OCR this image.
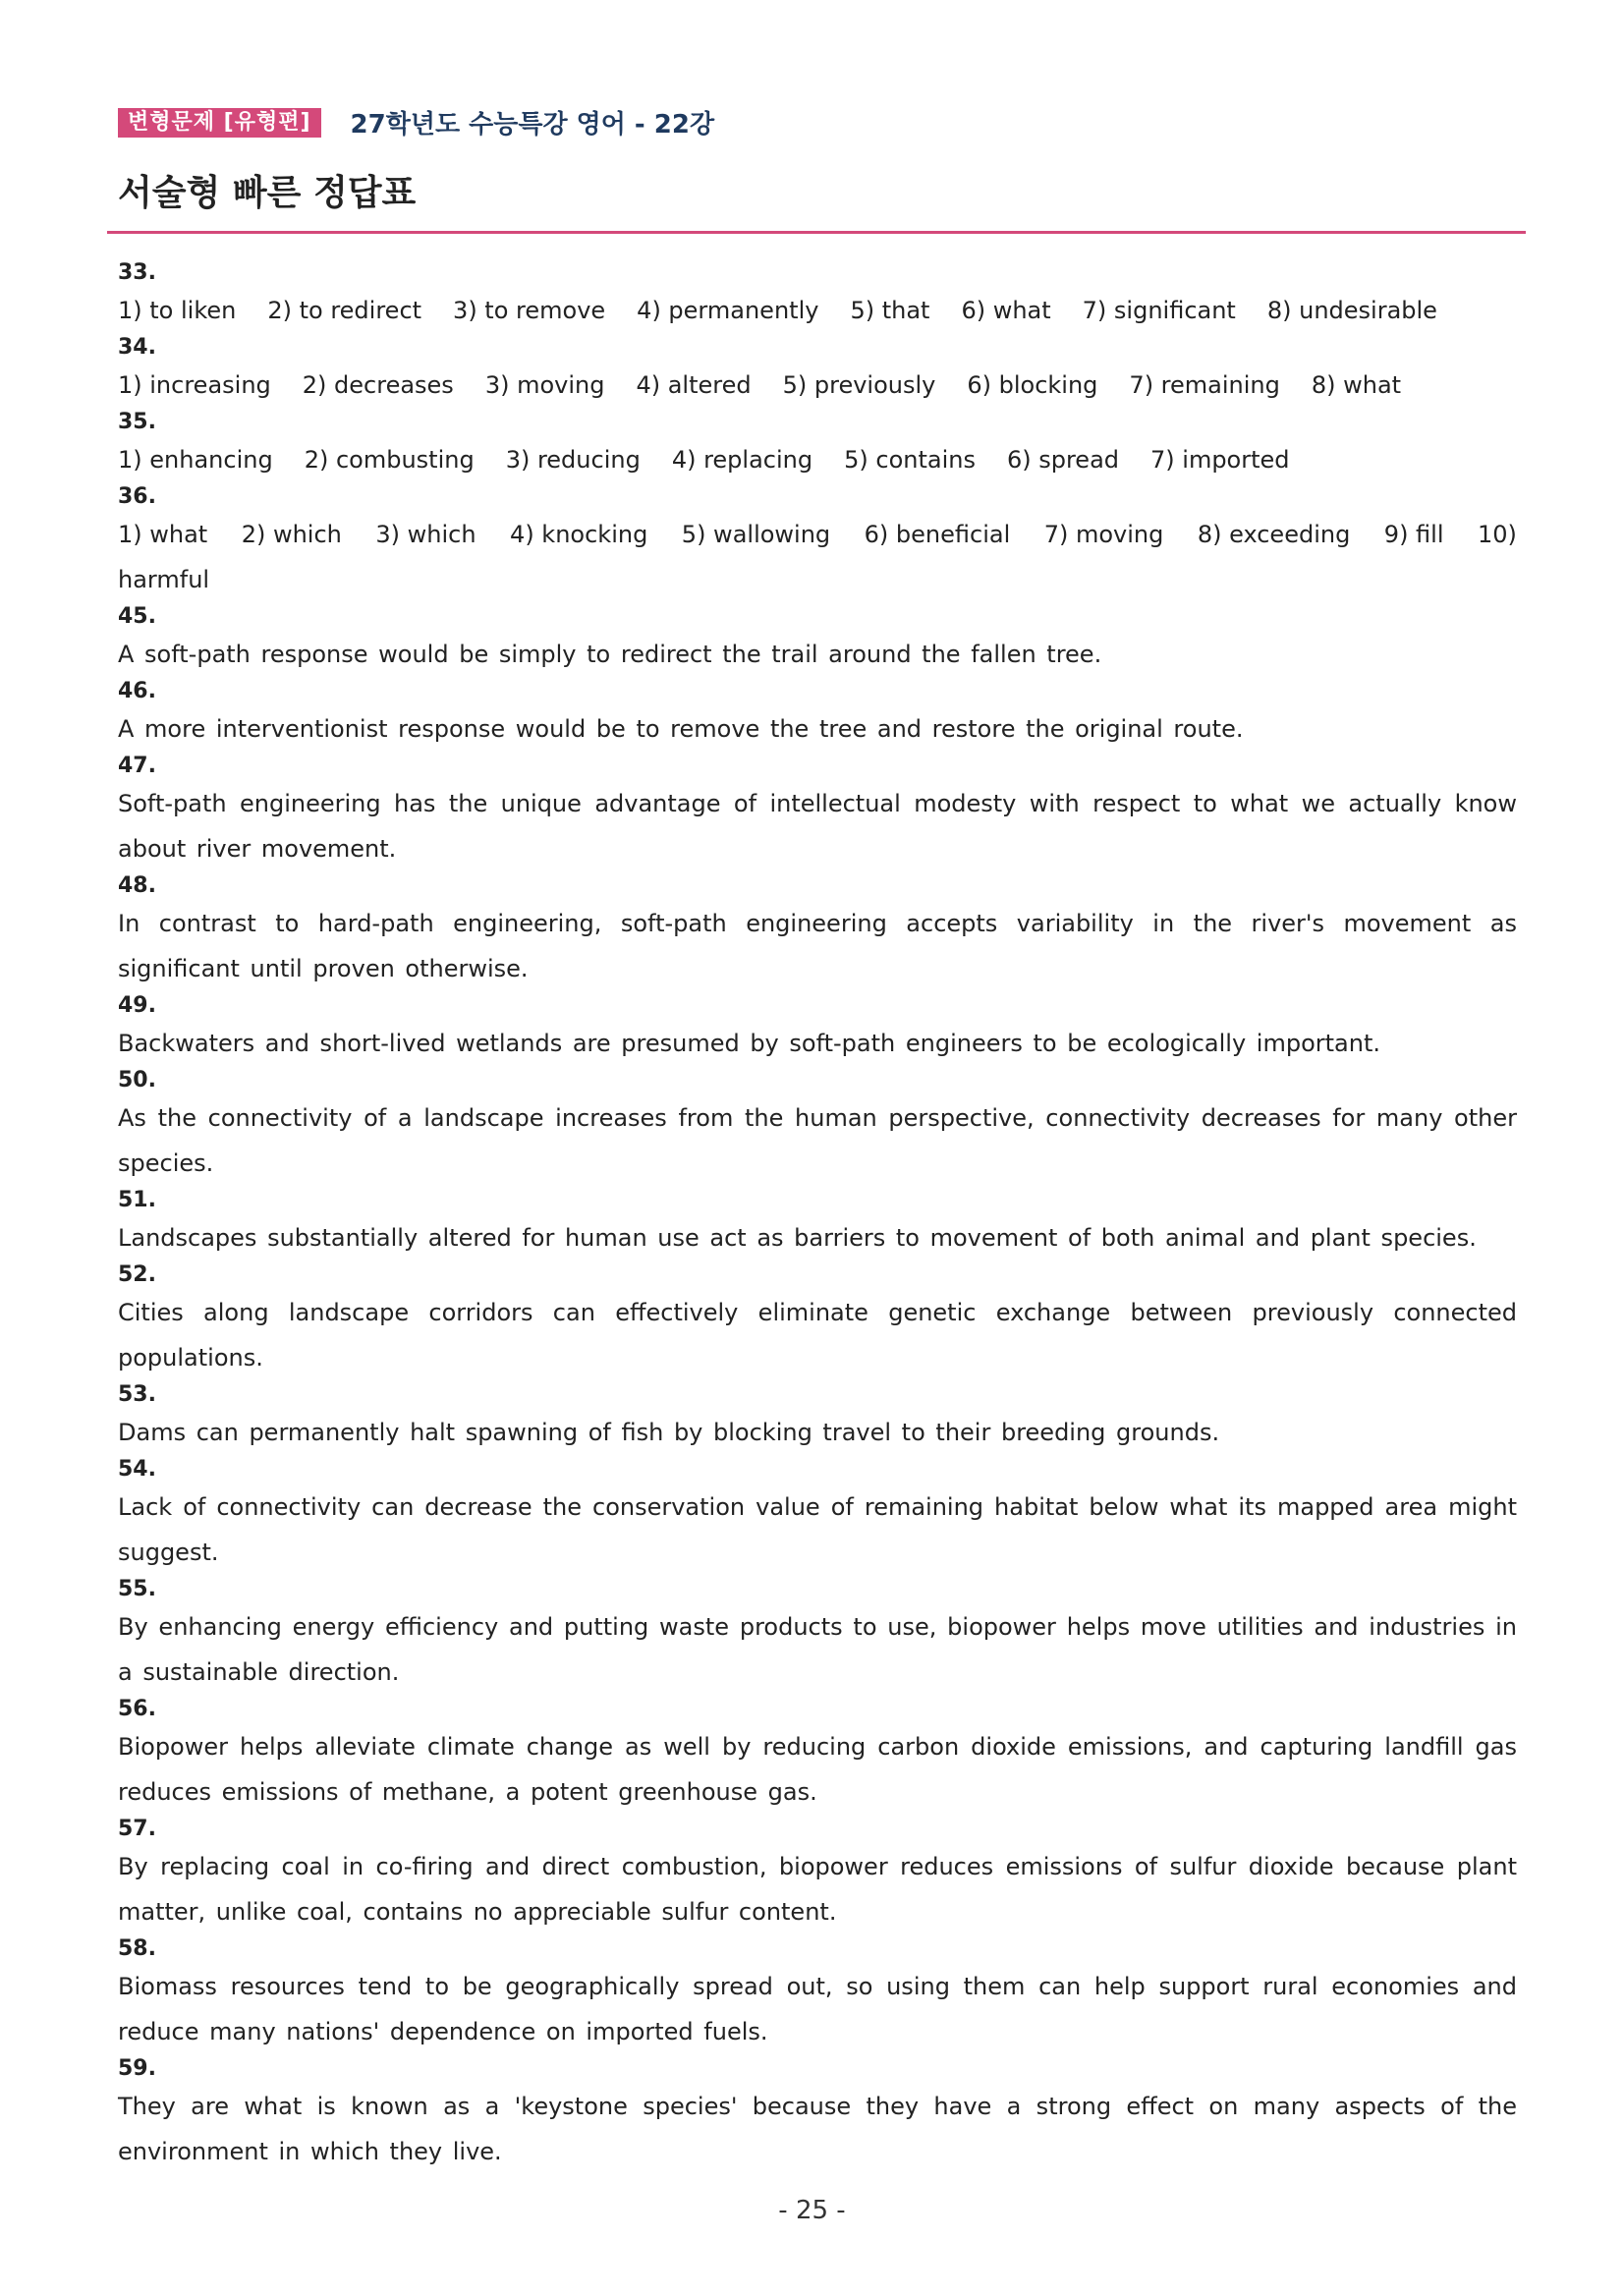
변형문제 [유형편]	27학년도 수능특강 영어 - 22강
서술형 빠른 정답표
33.
1) to liken 2) to redirect 3) to remove 4) permanently 5) that 6) what 7) significant 8) undesirable
34.
1) increasing 2) decreases 3) moving 4) altered 5) previously 6) blocking 7) remaining 8) what
35.
1) enhancing 2) combusting 3) reducing 4) replacing 5) contains 6) spread 7) imported
36.
1) what 2) which 3) which 4) knocking 5) wallowing 6) beneficial 7) moving 8) exceeding 9) fill 10)
harmful
45.
A soft-path response would be simply to redirect the trail around the fallen tree.
46.
A more interventionist response would be to remove the tree and restore the original route.
47.
Soft-path engineering has the unique advantage of intellectual modesty with respect to what we actually know about river movement.
48.
In contrast to hard-path engineering, soft-path engineering accepts variability in the river's movement as significant until proven otherwise.
49.
Backwaters and short-lived wetlands are presumed by soft-path engineers to be ecologically important.
50.
As the connectivity of a landscape increases from the human perspective, connectivity decreases for many other species.
51.
Landscapes substantially altered for human use act as barriers to movement of both animal and plant species.
52.
Cities along landscape corridors can effectively eliminate genetic exchange between previously connected populations.
53.
Dams can permanently halt spawning of fish by blocking travel to their breeding grounds.
54.
Lack of connectivity can decrease the conservation value of remaining habitat below what its mapped area might suggest.
55.
By enhancing energy efficiency and putting waste products to use, biopower helps move utilities and industries in a sustainable direction.
56.
Biopower helps alleviate climate change as well by reducing carbon dioxide emissions, and capturing landfill gas reduces emissions of methane, a potent greenhouse gas.
57.
By replacing coal in co-firing and direct combustion, biopower reduces emissions of sulfur dioxide because plant matter, unlike coal, contains no appreciable sulfur content.
58.
Biomass resources tend to be geographically spread out, so using them can help support rural economies and reduce many nations' dependence on imported fuels.
59.
They are what is known as a 'keystone species' because they have a strong effect on many aspects of the environment in which they live.
- 25 -
